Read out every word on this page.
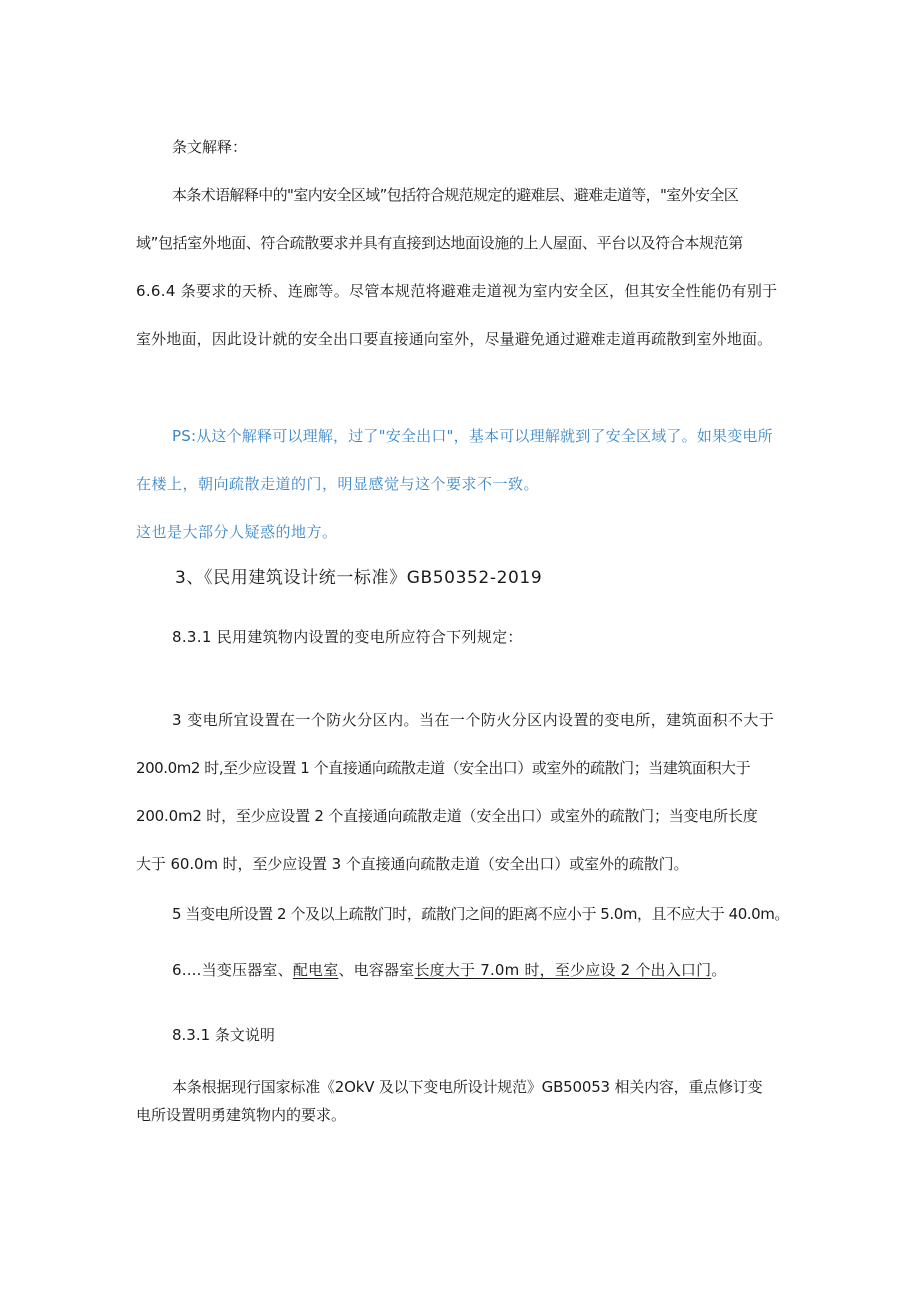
条文解释：
本条术语解释中的"室内安全区域”包括符合规范规定的避难层、避难走道等，"室外安全区
域”包括室外地面、符合疏散要求并具有直接到达地面设施的上人屋面、平台以及符合本规范第
6.6.4 条要求的天桥、连廊等。尽管本规范将避难走道视为室内安全区，但其安全性能仍有别于
室外地面，因此设计就的安全出口要直接通向室外，尽量避免通过避难走道再疏散到室外地面。
PS:从这个解释可以理解，过了"安全出口"，基本可以理解就到了安全区域了。如果变电所
在楼上，朝向疏散走道的门，明显感觉与这个要求不一致。
这也是大部分人疑惑的地方。
3、《民用建筑设计统一标准》GB50352-2019
8.3.1 民用建筑物内设置的变电所应符合下列规定：
3 变电所宜设置在一个防火分区内。当在一个防火分区内设置的变电所，建筑面积不大于
200.0m2 时,至少应设置 1 个直接通向疏散走道（安全出口）或室外的疏散门；当建筑面积大于
200.0m2 时，至少应设置 2 个直接通向疏散走道（安全出口）或室外的疏散门；当变电所长度
大于 60.0m 时，至少应设置 3 个直接通向疏散走道（安全出口）或室外的疏散门。
5 当变电所设置 2 个及以上疏散门时，疏散门之间的距离不应小于 5.0m，且不应大于 40.0m。
6....当变压器室、配电室、电容器室长度大于 7.0m 时，至少应设 2 个出入口门。
8.3.1 条文说明
本条根据现行国家标准《2OkV 及以下变电所设计规范》GB50053 相关内容，重点修订变
电所设置明勇建筑物内的要求。
